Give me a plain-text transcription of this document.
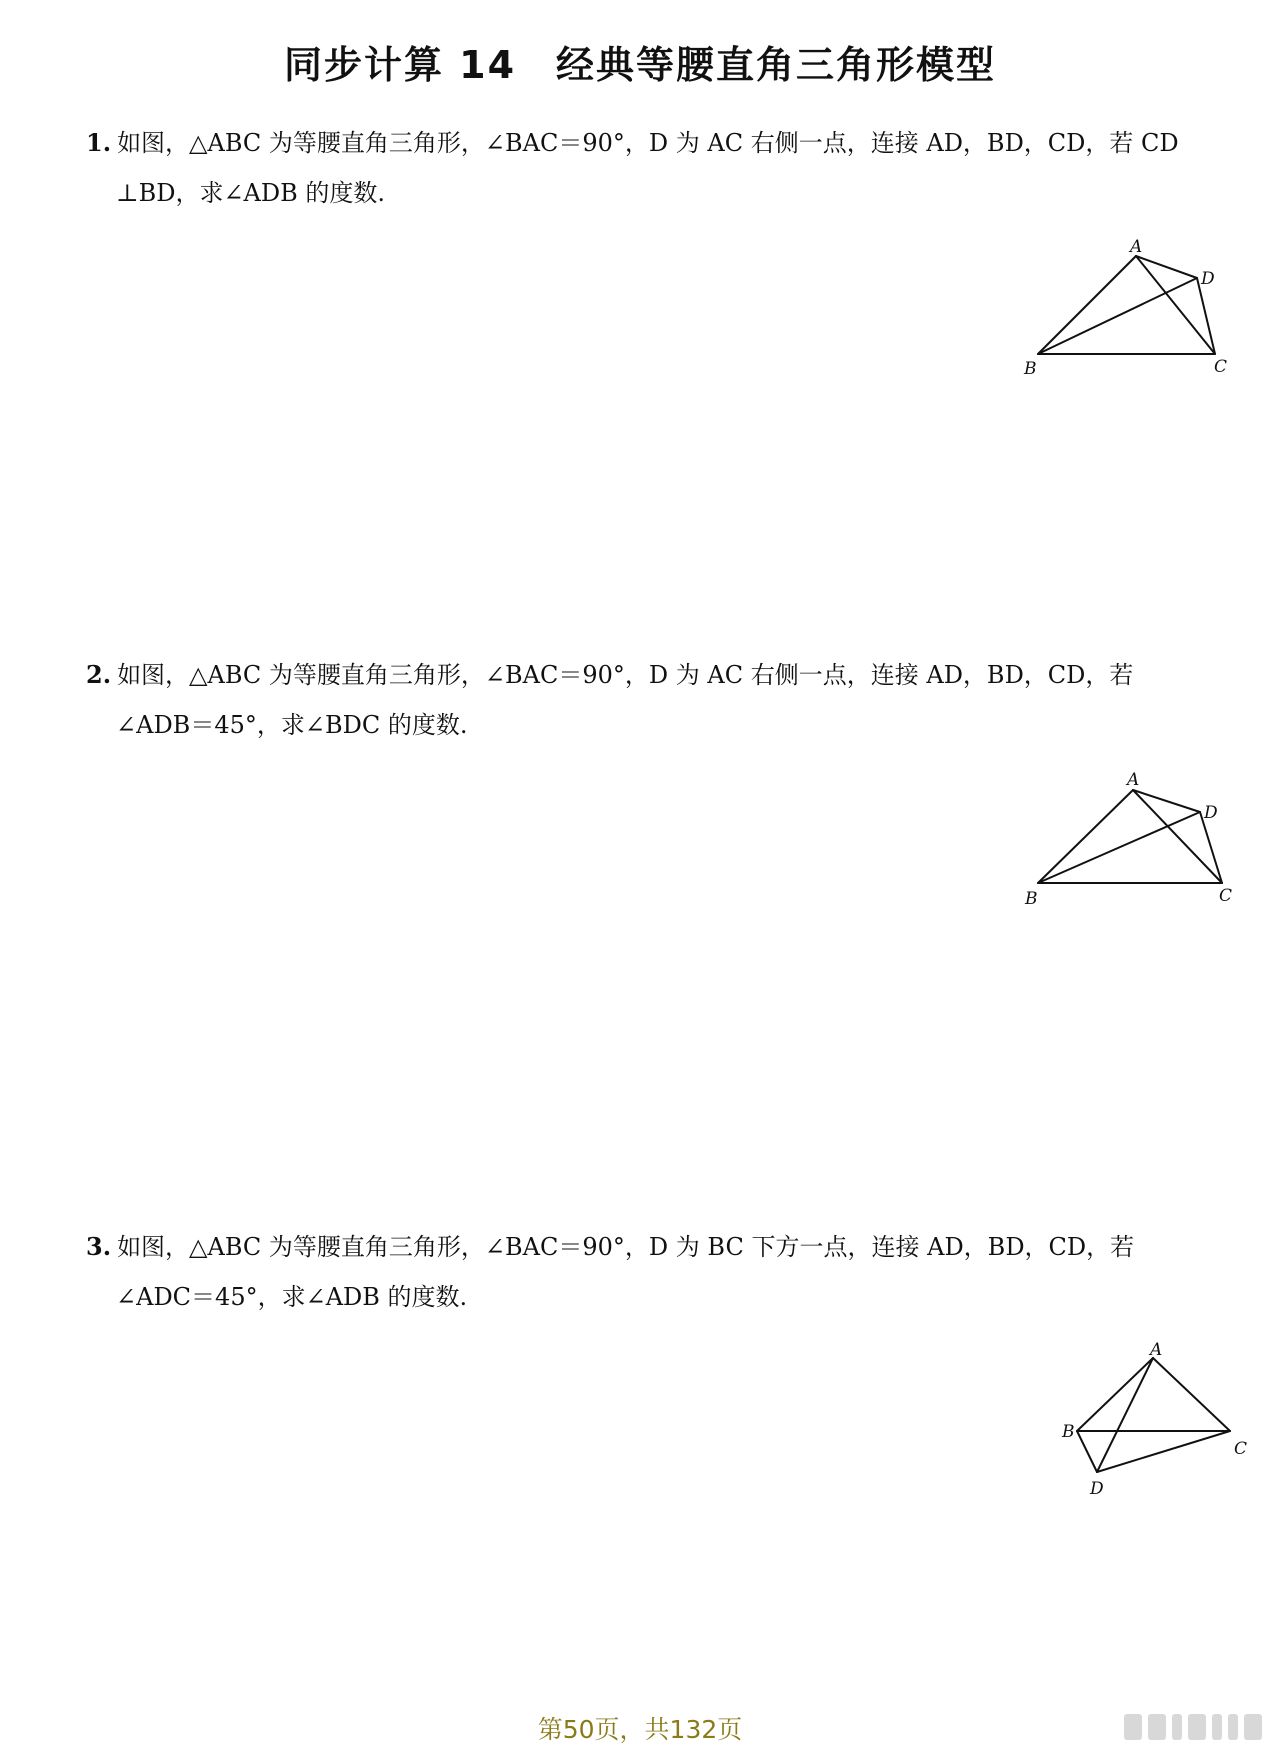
同步计算 14　经典等腰直角三角形模型
1. 如图，△ABC 为等腰直角三角形，∠BAC＝90°，D 为 AC 右侧一点，连接 AD，BD，CD，若 CD
⊥BD，求∠ADB 的度数.
A
D
B	C
2. 如图，△ABC 为等腰直角三角形，∠BAC＝90°，D 为 AC 右侧一点，连接 AD，BD，CD，若
∠ADB＝45°，求∠BDC 的度数.
A
D
B	C
3. 如图，△ABC 为等腰直角三角形，∠BAC＝90°，D 为 BC 下方一点，连接 AD，BD，CD，若
∠ADC＝45°，求∠ADB 的度数.
A
B
C
D
第50页，共132页
